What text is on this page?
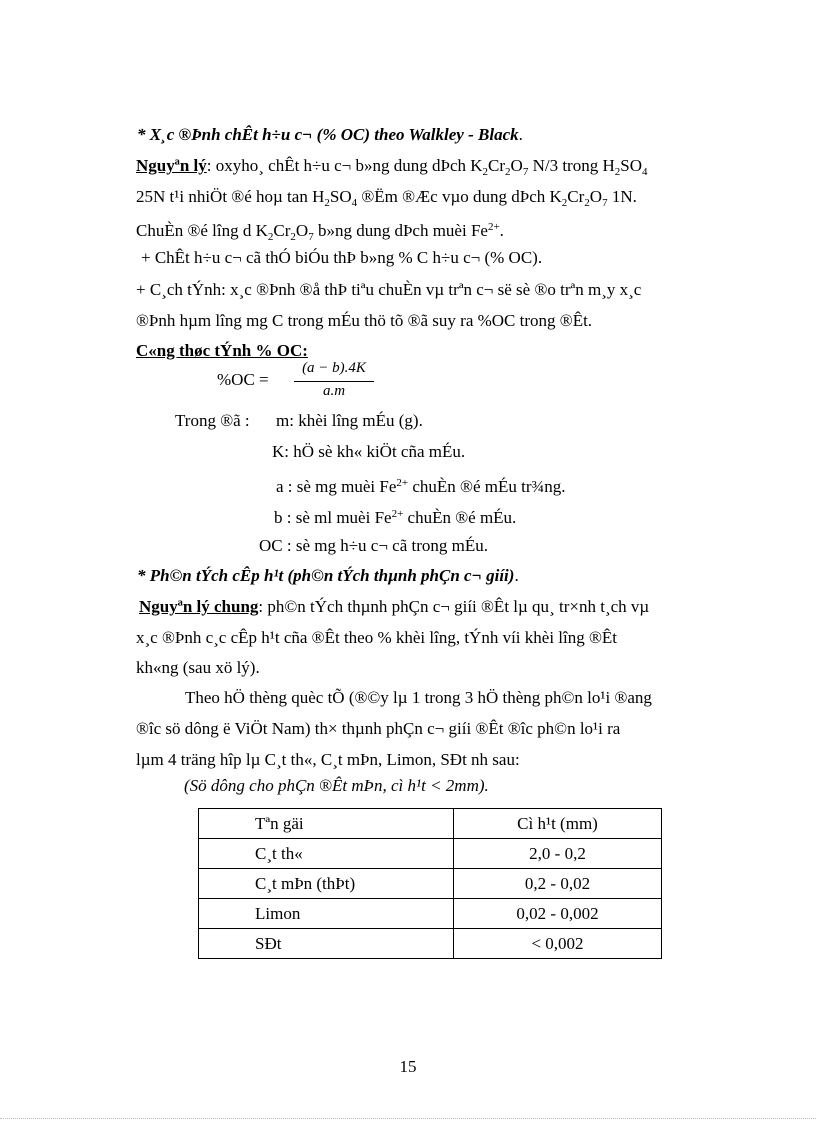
* X¸c ®Þnh chÊt h÷u c¬ (% OC) theo Walkley - Black.
Nguyªn lý: oxyho¸ chÊt h÷u c¬ b»ng dung dÞch $K_2Cr_2O_7$ N/3 trong $H_2SO_4$
25N t¹i nhiÖt ®é hoµ $\tan H_2SO_4$ ®Ëm ®Æc vµo dung dÞch $K_2Cr_2O_7$ 1N.
ChuÈn ®é lîng d $K_2Cr_2O_7$ b»ng dung dÞch muèi $Fe^{2+}$.
+ ChÊt h÷u c¬ cã thÓ biÓu thÞ b»ng % C h÷u c¬ (% OC).
+ C¸ch tÝnh: x¸c ®Þnh ®å thÞ tiªu chuÈn vµ trªn c¬ së sè ®o trªn m¸y x¸c
®Þnh hµm lîng mg C trong mÉu thö tõ ®ã suy ra %OC trong ®Êt.
C«ng thøc tÝnh % OC:
%OC =
(a − b).4K
a.m
Trong ®ã : m: khèi lîng mÉu (g).
K: hÖ sè kh« kiÖt cña mÉu.
a : sè mg muèi $Fe^{2+}$ chuÈn ®é mÉu tr¾ng.
b : sè ml muèi $Fe^{2+}$ chuÈn ®é mÉu.
OC : sè mg h÷u c¬ cã trong mÉu.
* Ph©n tÝch cÊp h¹t (ph©n tÝch thµnh phÇn c¬ giíi).
Nguyªn lý chung: ph©n tÝch thµnh phÇn c¬ giíi ®Êt lµ qu¸ tr×nh t¸ch vµ
x¸c ®Þnh c¸c cÊp h¹t cña ®Êt theo % khèi lîng, tÝnh víi khèi lîng ®Êt
kh«ng (sau xö lý).
Theo hÖ thèng quèc tÕ (®©y lµ 1 trong 3 hÖ thèng ph©n lo¹i ®ang
®îc sö dông ë ViÖt Nam) th× thµnh phÇn c¬ giíi ®Êt ®îc ph©n lo¹i ra
lµm 4 träng hîp lµ C¸t th«, C¸t mÞn, Limon, SÐt nh sau:
(Sö dông cho phÇn ®Êt mÞn, cì h¹t < 2mm).
Tªn gäi	Cì h¹t (mm)
C¸t th«	2,0 - 0,2
C¸t mÞn (thÞt)	0,2 - 0,02
Limon	0,02 - 0,002
SÐt	< 0,002
15
